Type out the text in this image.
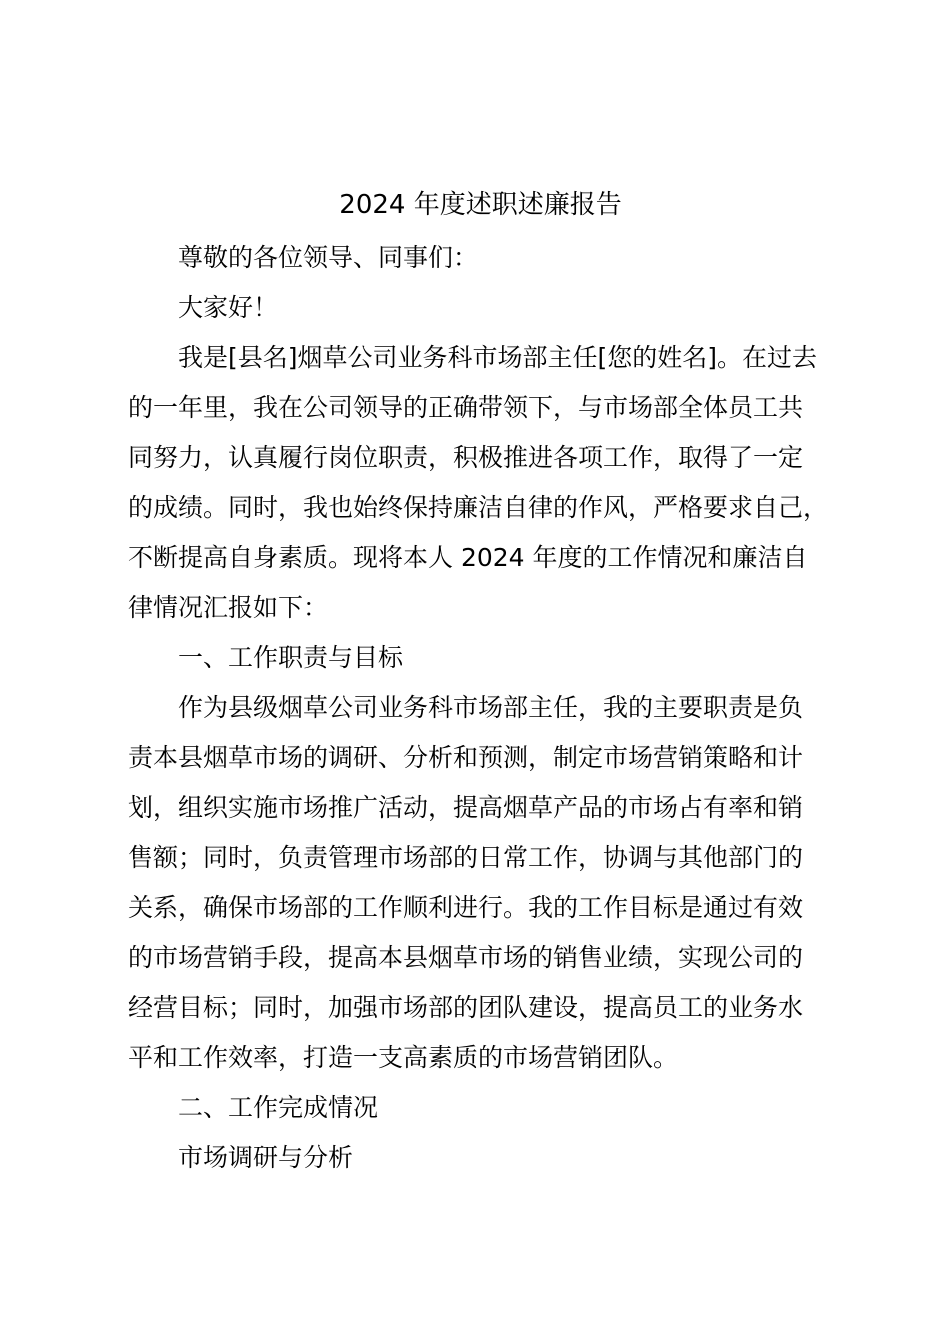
2024 年度述职述廉报告

尊敬的各位领导、同事们：

大家好！

我是[县名]烟草公司业务科市场部主任[您的姓名]。在过去
的一年里，我在公司领导的正确带领下，与市场部全体员工共
同努力，认真履行岗位职责，积极推进各项工作，取得了一定
的成绩。同时，我也始终保持廉洁自律的作风，严格要求自己，
不断提高自身素质。现将本人 2024 年度的工作情况和廉洁自
律情况汇报如下：

一、工作职责与目标

作为县级烟草公司业务科市场部主任，我的主要职责是负
责本县烟草市场的调研、分析和预测，制定市场营销策略和计
划，组织实施市场推广活动，提高烟草产品的市场占有率和销
售额；同时，负责管理市场部的日常工作，协调与其他部门的
关系，确保市场部的工作顺利进行。我的工作目标是通过有效
的市场营销手段，提高本县烟草市场的销售业绩，实现公司的
经营目标；同时，加强市场部的团队建设，提高员工的业务水
平和工作效率，打造一支高素质的市场营销团队。

二、工作完成情况

市场调研与分析
